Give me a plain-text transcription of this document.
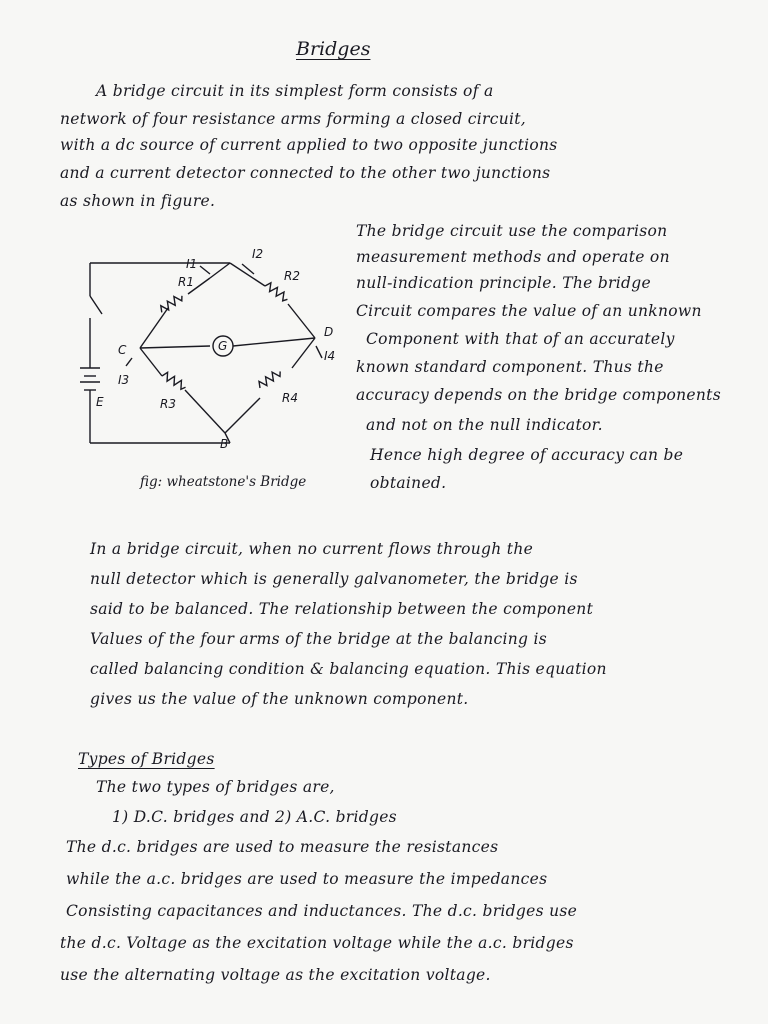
Bridges
A bridge circuit in its simplest form consists of a
network of four resistance arms forming a closed circuit,
with a dc source of current applied to two opposite junctions
and a current detector connected to the other two junctions
as shown in figure.
R1	R2
R3	R4
I1
I2
I3
I4
C
D
B
E
G
fig: wheatstone's Bridge
The bridge circuit use the comparison
measurement methods and operate on
null-indication principle. The bridge
Circuit compares the value of an unknown
Component with that of an accurately
known standard component. Thus the
accuracy depends on the bridge components
and not on the null indicator.
Hence high degree of accuracy can be
obtained.
In a bridge circuit, when no current flows through the
null detector which is generally galvanometer, the bridge is
said to be balanced. The relationship between the component
Values of the four arms of the bridge at the balancing is
called balancing condition & balancing equation. This equation
gives us the value of the unknown component.
Types of Bridges
The two types of bridges are,
1) D.C. bridges and 2) A.C. bridges
The d.c. bridges are used to measure the resistances
while the a.c. bridges are used to measure the impedances
Consisting capacitances and inductances. The d.c. bridges use
the d.c. Voltage as the excitation voltage while the a.c. bridges
use the alternating voltage as the excitation voltage.
